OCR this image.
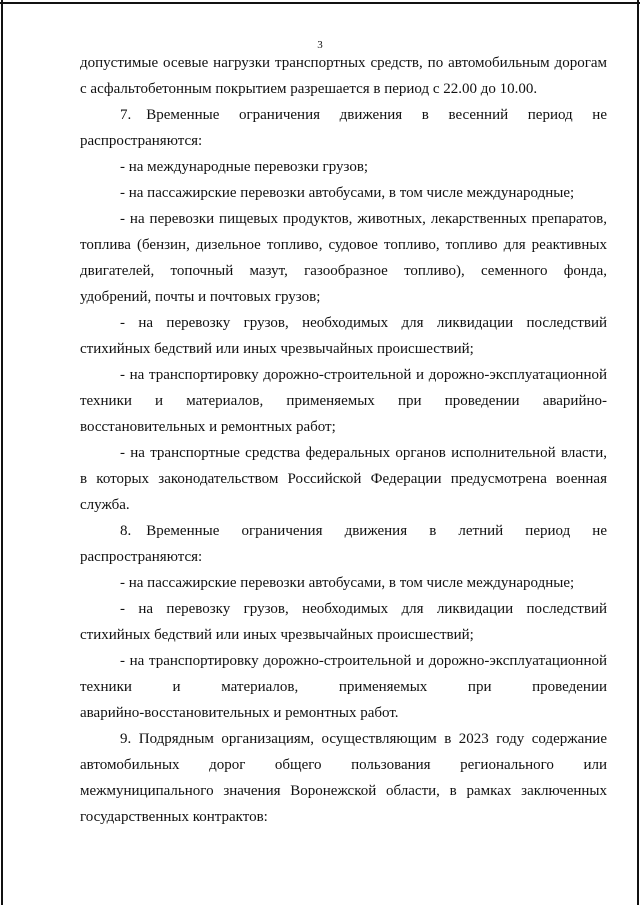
3

допустимые осевые нагрузки транспортных средств, по автомобильным дорогам

с асфальтобетонным покрытием разрешается в период с 22.00 до 10.00.

7. Временные ограничения движения в весенний период не

распространяются:

- на международные перевозки грузов;

- на пассажирские перевозки автобусами, в том числе международные;

- на перевозки пищевых продуктов, животных, лекарственных препаратов,

топлива (бензин, дизельное топливо, судовое топливо, топливо для реактивных

двигателей, топочный мазут, газообразное топливо), семенного фонда,

удобрений, почты и почтовых грузов;

- на перевозку грузов, необходимых для ликвидации последствий

стихийных бедствий или иных чрезвычайных происшествий;

- на транспортировку дорожно-строительной и дорожно-эксплуатационной

техники и материалов, применяемых при проведении аварийно-

восстановительных и ремонтных работ;

- на транспортные средства федеральных органов исполнительной власти,

в которых законодательством Российской Федерации предусмотрена военная

служба.

8. Временные ограничения движения в летний период не

распространяются:

- на пассажирские перевозки автобусами, в том числе международные;

- на перевозку грузов, необходимых для ликвидации последствий

стихийных бедствий или иных чрезвычайных происшествий;

- на транспортировку дорожно-строительной и дорожно-эксплуатационной

техники и материалов, применяемых при проведении

аварийно-восстановительных и ремонтных работ.

9. Подрядным организациям, осуществляющим в 2023 году содержание

автомобильных дорог общего пользования регионального или

межмуниципального значения Воронежской области, в рамках заключенных

государственных контрактов:
